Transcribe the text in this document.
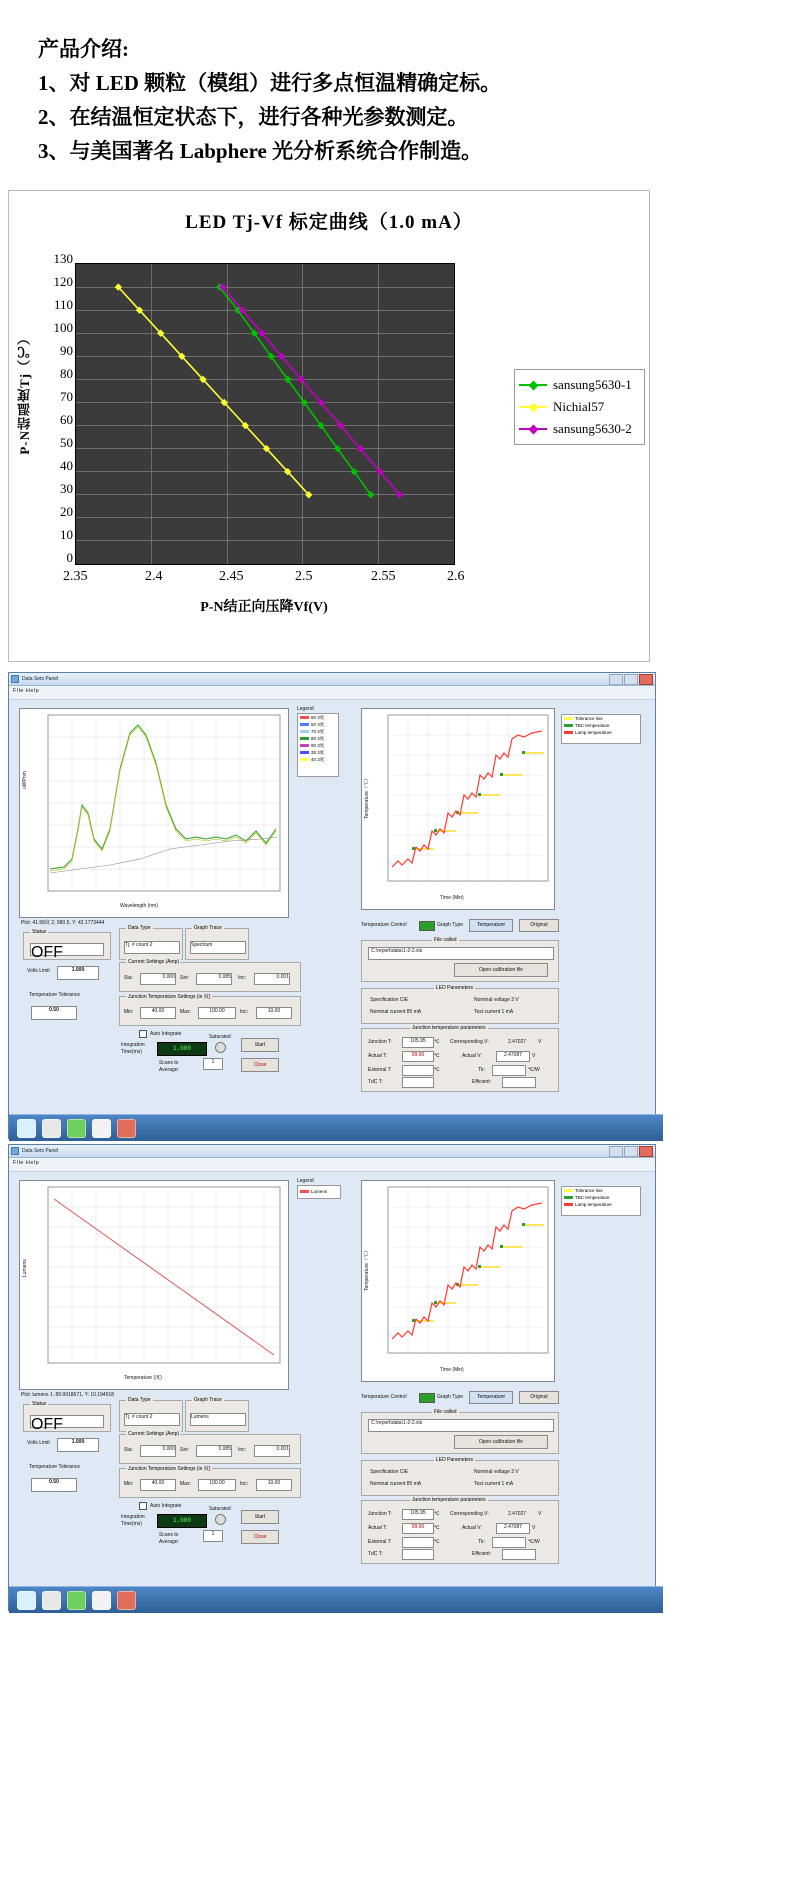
产品介绍:
1、对 LED 颗粒（模组）进行多点恒温精确定标。
2、在结温恒定状态下，进行各种光参数测定。
3、与美国著名 Labphere 光分析系统合作制造。
LED Tj-Vf 标定曲线（1.0 mA）
P-N结温度Tj（℃）
130
120
110
100
90
80
70
60
50
40
30
20
10
0
2.35	2.4	2.45	2.5	2.55	2.6
P-N结正向压降Vf(V)
sansung5630-1
Nichial57
sansung5630-2
Data Sets Panel
File Help
uWPnm
Wavelength (nm)
Plot: 41.58度 2; 990.5, Y: 42.1773444
Legend
60 3度
50 3度
70 3度
80 3度
90 3度
35 3度
40 3度
Temperature（℃）
Time (Min)
Tolerance line
TBC temperature
Lamp temperature
Status
OFF
Data Type
Tj: # count 2
Graph Trace
Spectrum
Current Settings (Amp)
Sta:	0.000 Set:	0.085 Inc:	0.001
Volts Limit	1.000
Temperature Tolerance
0.50
Junction Temperature Settings (in 度)
Min:	40.00	Max:	100.00	Inc:	10.00
Auto Integrate
Integration Time(ms)	1.000
Saturated
Start
Scans to Average:
1	Close
Temperature Control	Graph Type	Temperature	Original
File called
C:\report\data\1-2-2.xls
Open calibration file
LED Parameters
Specification CIE	Nominal voltage 3 V
Nominal current 85 mA	Test current 1 mA
Junction temperature parameters
Junction T:	105.95	℃ Corresponding V:	2.47027 V
Actual T:	99.95	℃	Actual V:	2.47087	V
External T:	℃	Tk:	℃/W
TdC T:	Efficient:
Data Sets Panel
File Help
Lumens
Temperature (度)
Plot: lumens 1; 89.9918671, Y: 10.194918
Legend
Lumens
Temperature（℃）
Time (Min)
Tolerance line
TBC temperature
Lamp temperature
Status
OFF
Data Type
Tj: # count 2
Graph Trace
Lumens
Current Settings (Amp)
Sta:	0.000 Set:	0.085 Inc:	0.001
Volts Limit	1.000
Temperature Tolerance
0.50
Junction Temperature Settings (in 度)
Min:	40.00	Max:	100.00	Inc:	10.00
Auto Integrate
Integration Time(ms)	1.000
Saturated
Start
Scans to Average:
1	Close
Temperature Control	Graph Type	Temperature	Original
File called
C:\report\data\1-2-2.xls
Open calibration file
LED Parameters
Specification CIE	Nominal voltage 3 V
Nominal current 85 mA	Test current 1 mA
Junction temperature parameters
Junction T:	105.95	℃ Corresponding V:	2.47027 V
Actual T:	99.95	℃	Actual V:	2.47087	V
External T:	℃	Tk:	℃/W
TdC T:	Efficient:
